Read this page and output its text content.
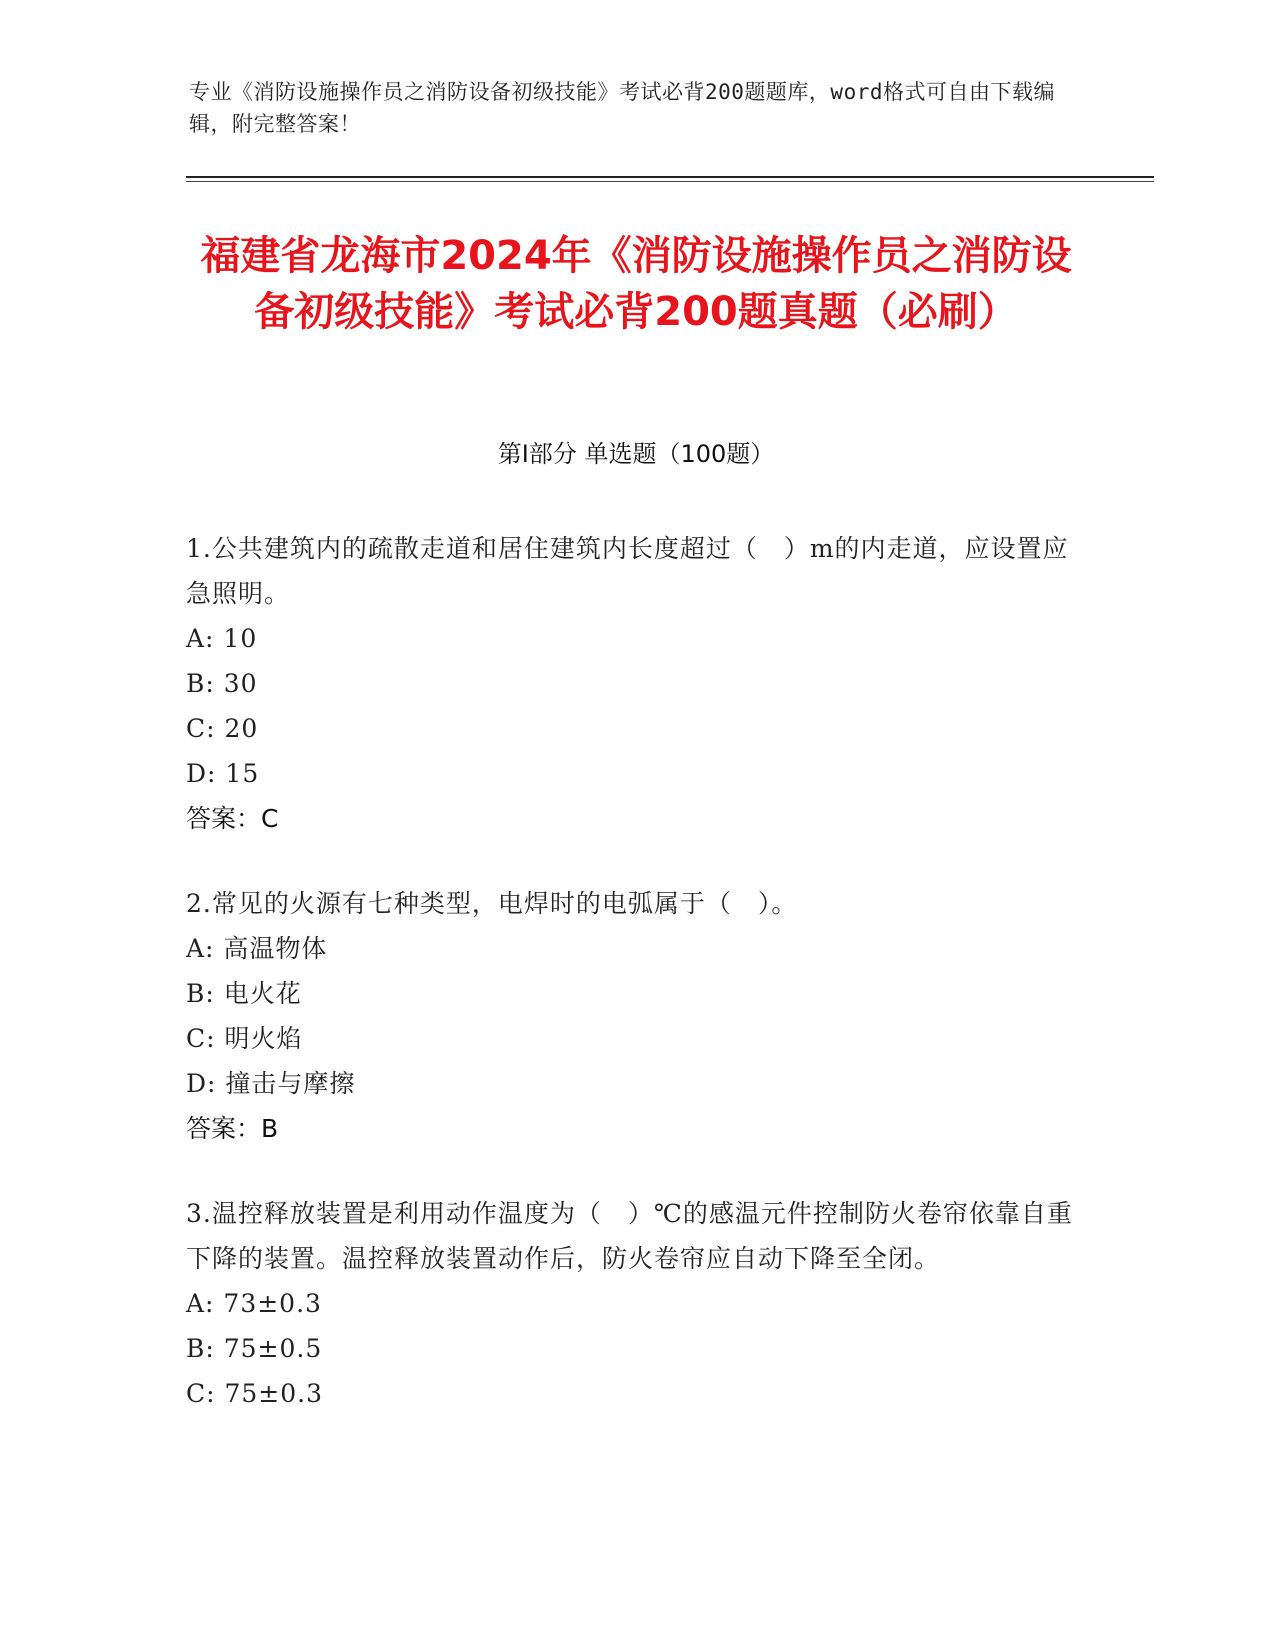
专业《消防设施操作员之消防设备初级技能》考试必背200题题库，word格式可自由下载编辑，附完整答案！
福建省龙海市2024年《消防设施操作员之消防设备初级技能》考试必背200题真题（必刷）
第I部分 单选题（100题）
1.公共建筑内的疏散走道和居住建筑内长度超过（　）m的内走道，应设置应急照明。
A: 10
B: 30
C: 20
D: 15
答案：C
2.常见的火源有七种类型，电焊时的电弧属于（　）。
A: 高温物体
B: 电火花
C: 明火焰
D: 撞击与摩擦
答案：B
3.温控释放装置是利用动作温度为（　）℃的感温元件控制防火卷帘依靠自重下降的装置。温控释放装置动作后，防火卷帘应自动下降至全闭。
A: 73±0.3
B: 75±0.5
C: 75±0.3
